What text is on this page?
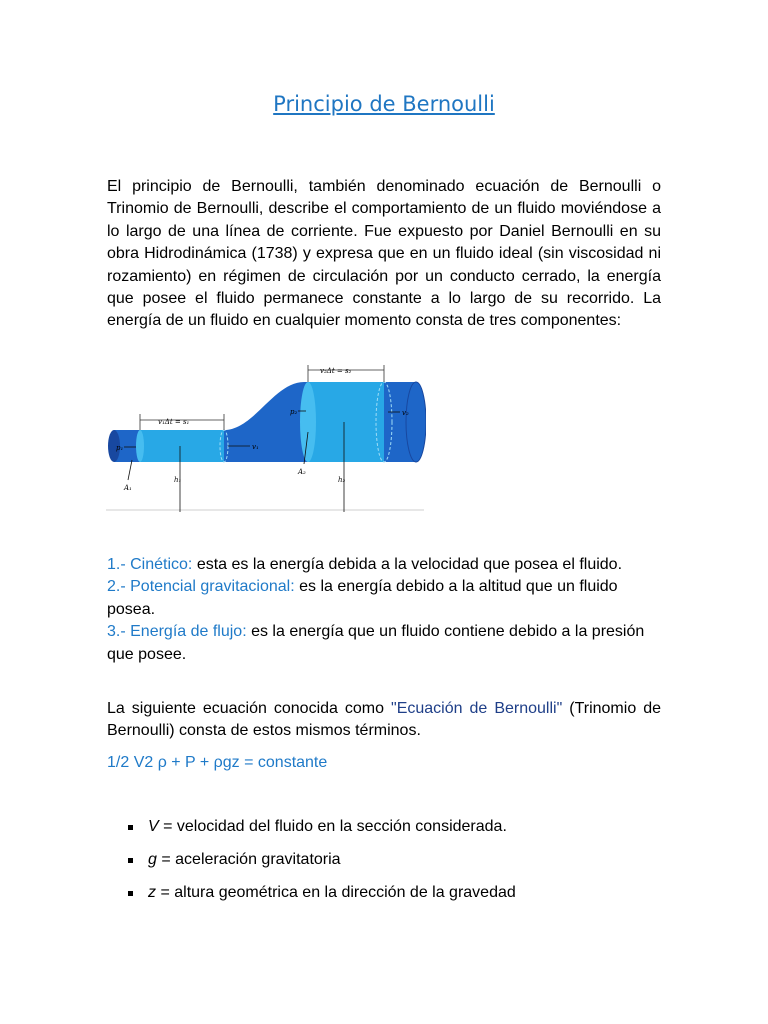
Principio de Bernoulli

El principio de Bernoulli, también denominado ecuación de Bernoulli o Trinomio de Bernoulli, describe el comportamiento de un fluido moviéndose a lo largo de una línea de corriente. Fue expuesto por Daniel Bernoulli en su obra Hidrodinámica (1738) y expresa que en un fluido ideal (sin viscosidad ni rozamiento) en régimen de circulación por un conducto cerrado, la energía que posee el fluido permanece constante a lo largo de su recorrido. La energía de un fluido en cualquier momento consta de tres componentes:

v₁Δt = s₁
v₂Δt = s₂
p₁
p₂
v₁
v₂
h₁	h₂
A₁
A₂
1.- Cinético: esta es la energía debida a la velocidad que posea el fluido.
2.- Potencial gravitacional: es la energía debido a la altitud que un fluido posea.
3.- Energía de flujo: es la energía que un fluido contiene debido a la presión que posee.

La siguiente ecuación conocida como "Ecuación de Bernoulli" (Trinomio de Bernoulli) consta de estos mismos términos.

1/2 V2 ρ + P + ρgz = constante
V = velocidad del fluido en la sección considerada.
g = aceleración gravitatoria
z = altura geométrica en la dirección de la gravedad
